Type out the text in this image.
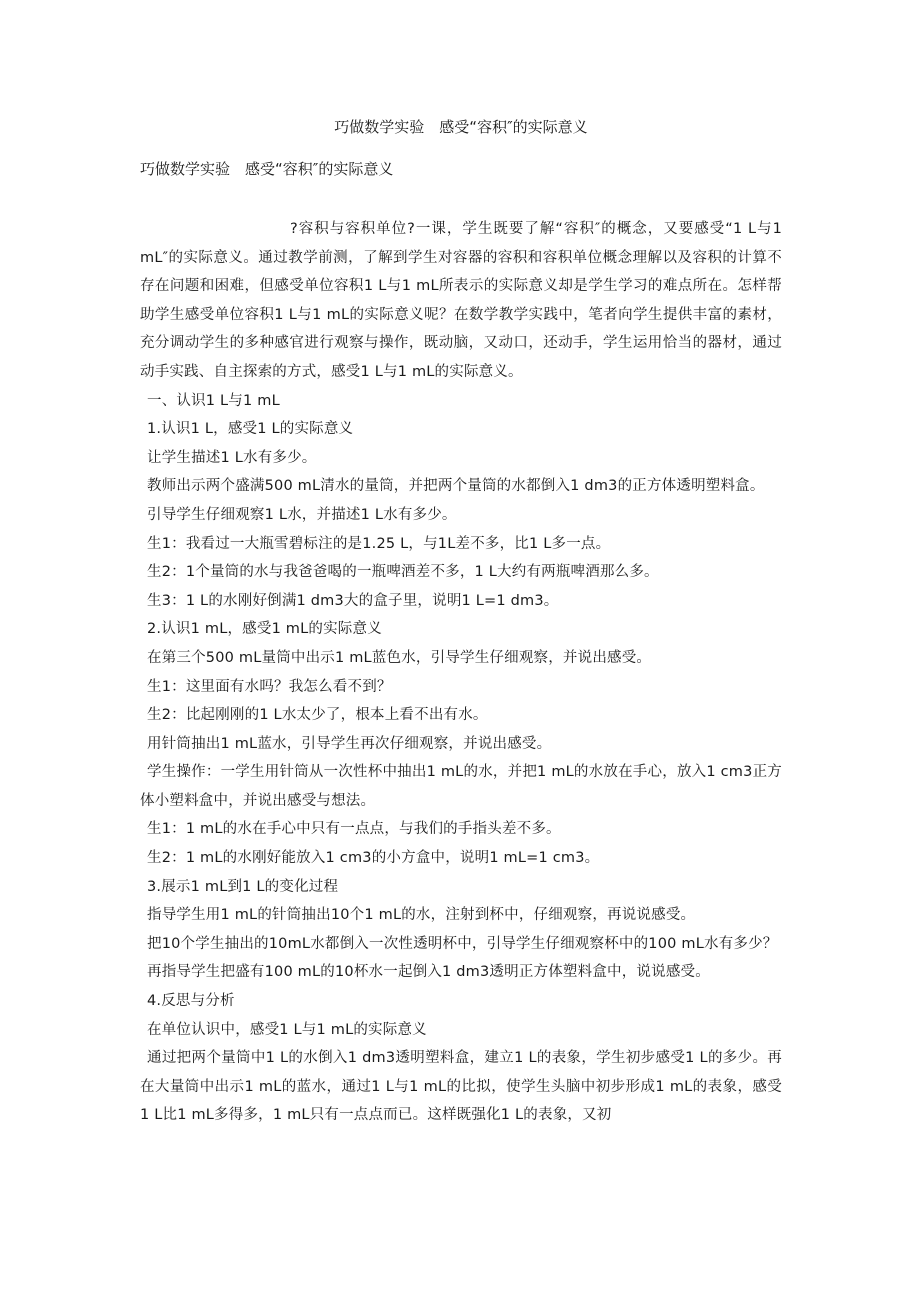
巧做数学实验　感受“容积″的实际意义
巧做数学实验　感受“容积″的实际意义

?容积与容积单位?一课，学生既要了解“容积″的概念，又要感受“1 L与1　mL″的实际意义。通过教学前测，了解到学生对容器的容积和容积单位概念理解以及容积的计算不存在问题和困难，但感受单位容积1 L与1 mL所表示的实际意义却是学生学习的难点所在。怎样帮助学生感受单位容积1 L与1 mL的实际意义呢？在数学教学实践中，笔者向学生提供丰富的素材，充分调动学生的多种感官进行观察与操作，既动脑，又动口，还动手，学生运用恰当的器材，通过动手实践、自主探索的方式，感受1 L与1 mL的实际意义。

一、认识1 L与1 mL

1.认识1 L，感受1 L的实际意义

让学生描述1 L水有多少。

教师出示两个盛满500 mL清水的量筒，并把两个量筒的水都倒入1 dm3的正方体透明塑料盒。

引导学生仔细观察1 L水，并描述1 L水有多少。

生1：我看过一大瓶雪碧标注的是1.25 L，与1L差不多，比1 L多一点。

生2：1个量筒的水与我爸爸喝的一瓶啤酒差不多，1 L大约有两瓶啤酒那么多。

生3：1 L的水刚好倒满1 dm3大的盒子里，说明1 L=1 dm3。

2.认识1 mL，感受1 mL的实际意义

在第三个500 mL量筒中出示1 mL蓝色水，引导学生仔细观察，并说出感受。

生1：这里面有水吗？我怎么看不到？

生2：比起刚刚的1 L水太少了，根本上看不出有水。

用针筒抽出1 mL蓝水，引导学生再次仔细观察，并说出感受。

学生操作：一学生用针筒从一次性杯中抽出1 mL的水，并把1 mL的水放在手心，放入1 cm3正方体小塑料盒中，并说出感受与想法。

生1：1 mL的水在手心中只有一点点，与我们的手指头差不多。

生2：1 mL的水刚好能放入1 cm3的小方盒中，说明1 mL=1 cm3。

3.展示1 mL到1 L的变化过程

指导学生用1 mL的针筒抽出10个1 mL的水，注射到杯中，仔细观察，再说说感受。

把10个学生抽出的10mL水都倒入一次性透明杯中，引导学生仔细观察杯中的100 mL水有多少？

再指导学生把盛有100 mL的10杯水一起倒入1 dm3透明正方体塑料盒中，说说感受。

4.反思与分析

在单位认识中，感受1 L与1 mL的实际意义

通过把两个量筒中1 L的水倒入1 dm3透明塑料盒，建立1 L的表象，学生初步感受1 L的多少。再在大量筒中出示1 mL的蓝水，通过1 L与1 mL的比拟，使学生头脑中初步形成1 mL的表象，感受1 L比1 mL多得多，1 mL只有一点点而已。这样既强化1 L的表象，又初
